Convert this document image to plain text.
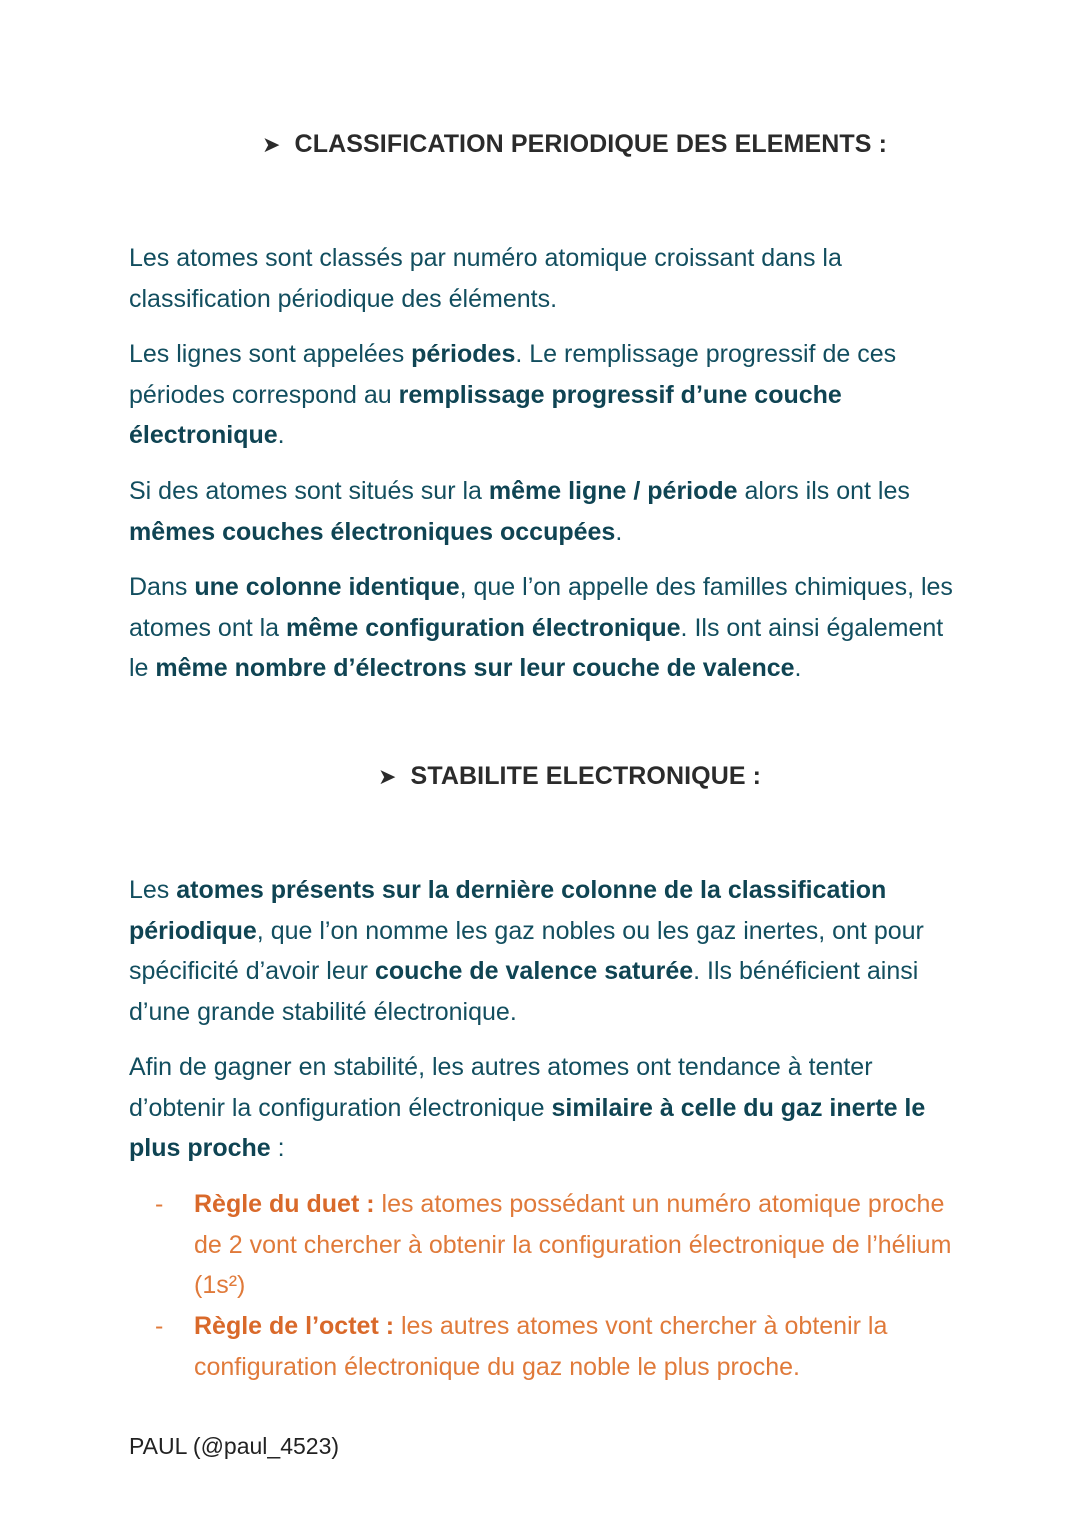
➤ CLASSIFICATION PERIODIQUE DES ELEMENTS :

Les atomes sont classés par numéro atomique croissant dans la classification périodique des éléments.

Les lignes sont appelées périodes. Le remplissage progressif de ces périodes correspond au remplissage progressif d’une couche électronique.

Si des atomes sont situés sur la même ligne / période alors ils ont les mêmes couches électroniques occupées.

Dans une colonne identique, que l’on appelle des familles chimiques, les atomes ont la même configuration électronique. Ils ont ainsi également le même nombre d’électrons sur leur couche de valence.

➤ STABILITE ELECTRONIQUE :

Les atomes présents sur la dernière colonne de la classification périodique, que l’on nomme les gaz nobles ou les gaz inertes, ont pour spécificité d’avoir leur couche de valence saturée. Ils bénéficient ainsi d’une grande stabilité électronique.

Afin de gagner en stabilité, les autres atomes ont tendance à tenter d’obtenir la configuration électronique similaire à celle du gaz inerte le plus proche :

- Règle du duet : les atomes possédant un numéro atomique proche de 2 vont chercher à obtenir la configuration électronique de l’hélium (1s²)
- Règle de l’octet : les autres atomes vont chercher à obtenir la configuration électronique du gaz noble le plus proche.
PAUL (@paul_4523)
